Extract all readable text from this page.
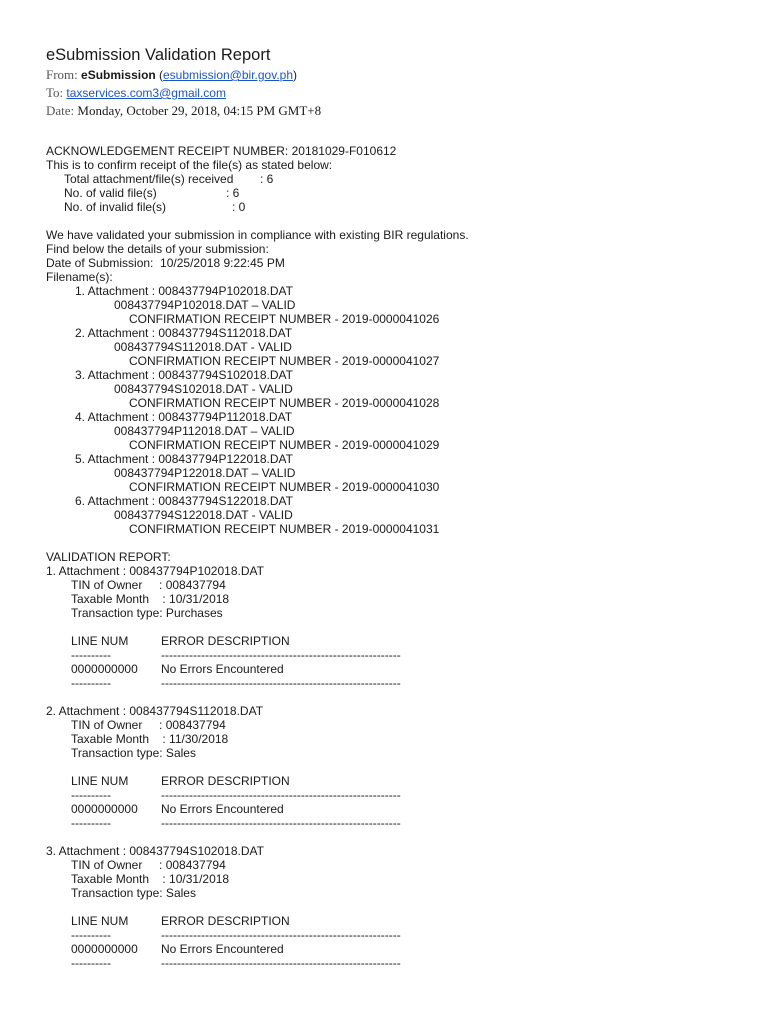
eSubmission Validation Report
From: eSubmission (esubmission@bir.gov.ph)
To: taxservices.com3@gmail.com
Date: Monday, October 29, 2018, 04:15 PM GMT+8
ACKNOWLEDGEMENT RECEIPT NUMBER: 20181029-F010612
This is to confirm receipt of the file(s) as stated below:
Total attachment/file(s) received : 6
No. of valid file(s)	: 6
No. of invalid file(s)	: 0
We have validated your submission in compliance with existing BIR regulations.
Find below the details of your submission:
Date of Submission:  10/25/2018 9:22:45 PM
Filename(s):
1. Attachment : 008437794P102018.DAT
008437794P102018.DAT – VALID
CONFIRMATION RECEIPT NUMBER - 2019-0000041026
2. Attachment : 008437794S112018.DAT
008437794S112018.DAT - VALID
CONFIRMATION RECEIPT NUMBER - 2019-0000041027
3. Attachment : 008437794S102018.DAT
008437794S102018.DAT - VALID
CONFIRMATION RECEIPT NUMBER - 2019-0000041028
4. Attachment : 008437794P112018.DAT
008437794P112018.DAT – VALID
CONFIRMATION RECEIPT NUMBER - 2019-0000041029
5. Attachment : 008437794P122018.DAT
008437794P122018.DAT – VALID
CONFIRMATION RECEIPT NUMBER - 2019-0000041030
6. Attachment : 008437794S122018.DAT
008437794S122018.DAT - VALID
CONFIRMATION RECEIPT NUMBER - 2019-0000041031
VALIDATION REPORT:
1. Attachment : 008437794P102018.DAT
TIN of Owner     : 008437794
Taxable Month    : 10/31/2018
Transaction type: Purchases
LINE NUM	ERROR DESCRIPTION
----------	------------------------------------------------------------
0000000000	No Errors Encountered
----------	------------------------------------------------------------
2. Attachment : 008437794S112018.DAT
TIN of Owner     : 008437794
Taxable Month    : 11/30/2018
Transaction type: Sales
LINE NUM	ERROR DESCRIPTION
----------	------------------------------------------------------------
0000000000	No Errors Encountered
----------	------------------------------------------------------------
3. Attachment : 008437794S102018.DAT
TIN of Owner     : 008437794
Taxable Month    : 10/31/2018
Transaction type: Sales
LINE NUM	ERROR DESCRIPTION
----------	------------------------------------------------------------
0000000000	No Errors Encountered
----------	------------------------------------------------------------
